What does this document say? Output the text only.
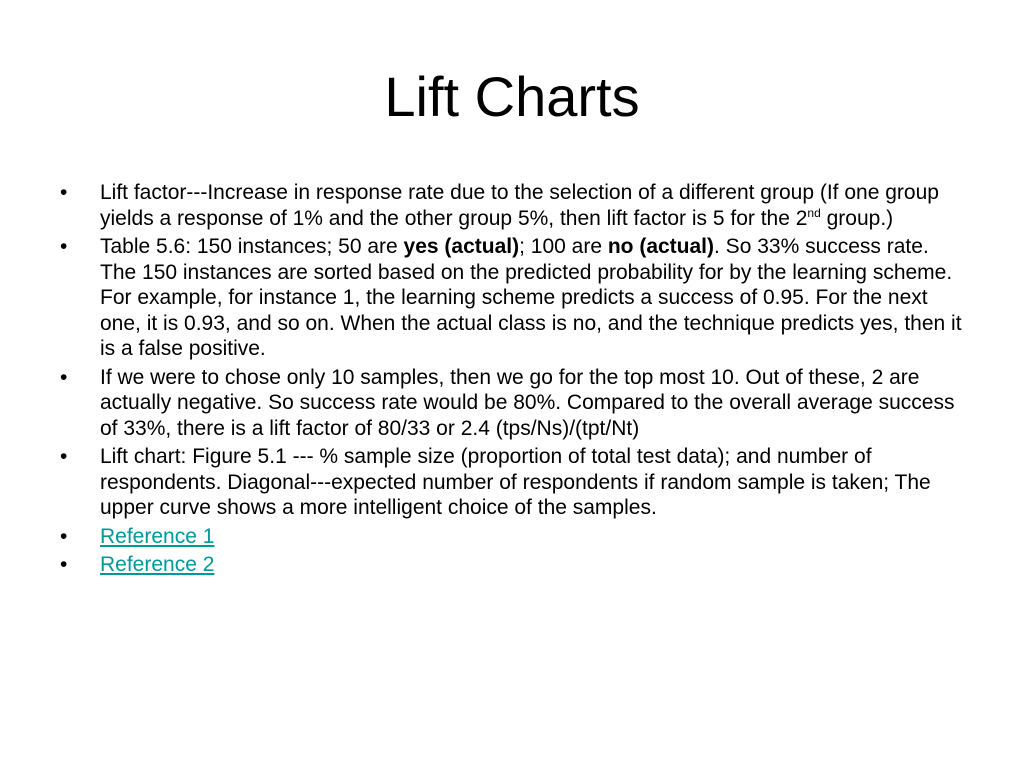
Lift Charts
• Lift factor---Increase in response rate due to the selection of a different group (If one group yields a response of 1% and the other group 5%, then lift factor is 5 for the 2nd group.)
• Table 5.6: 150 instances; 50 are yes (actual); 100 are no (actual). So 33% success rate. The 150 instances are sorted based on the predicted probability for by the learning scheme. For example, for instance 1, the learning scheme predicts a success of 0.95. For the next one, it is 0.93, and so on. When the actual class is no, and the technique predicts yes, then it is a false positive.
• If we were to chose only 10 samples, then we go for the top most 10. Out of these, 2 are actually negative. So success rate would be 80%. Compared to the overall average success of 33%, there is a lift factor of 80/33 or 2.4 (tps/Ns)/(tpt/Nt)
• Lift chart: Figure 5.1 --- % sample size (proportion of total test data); and number of respondents. Diagonal---expected number of respondents if random sample is taken; The upper curve shows a more intelligent choice of the samples.
• Reference 1
• Reference 2
